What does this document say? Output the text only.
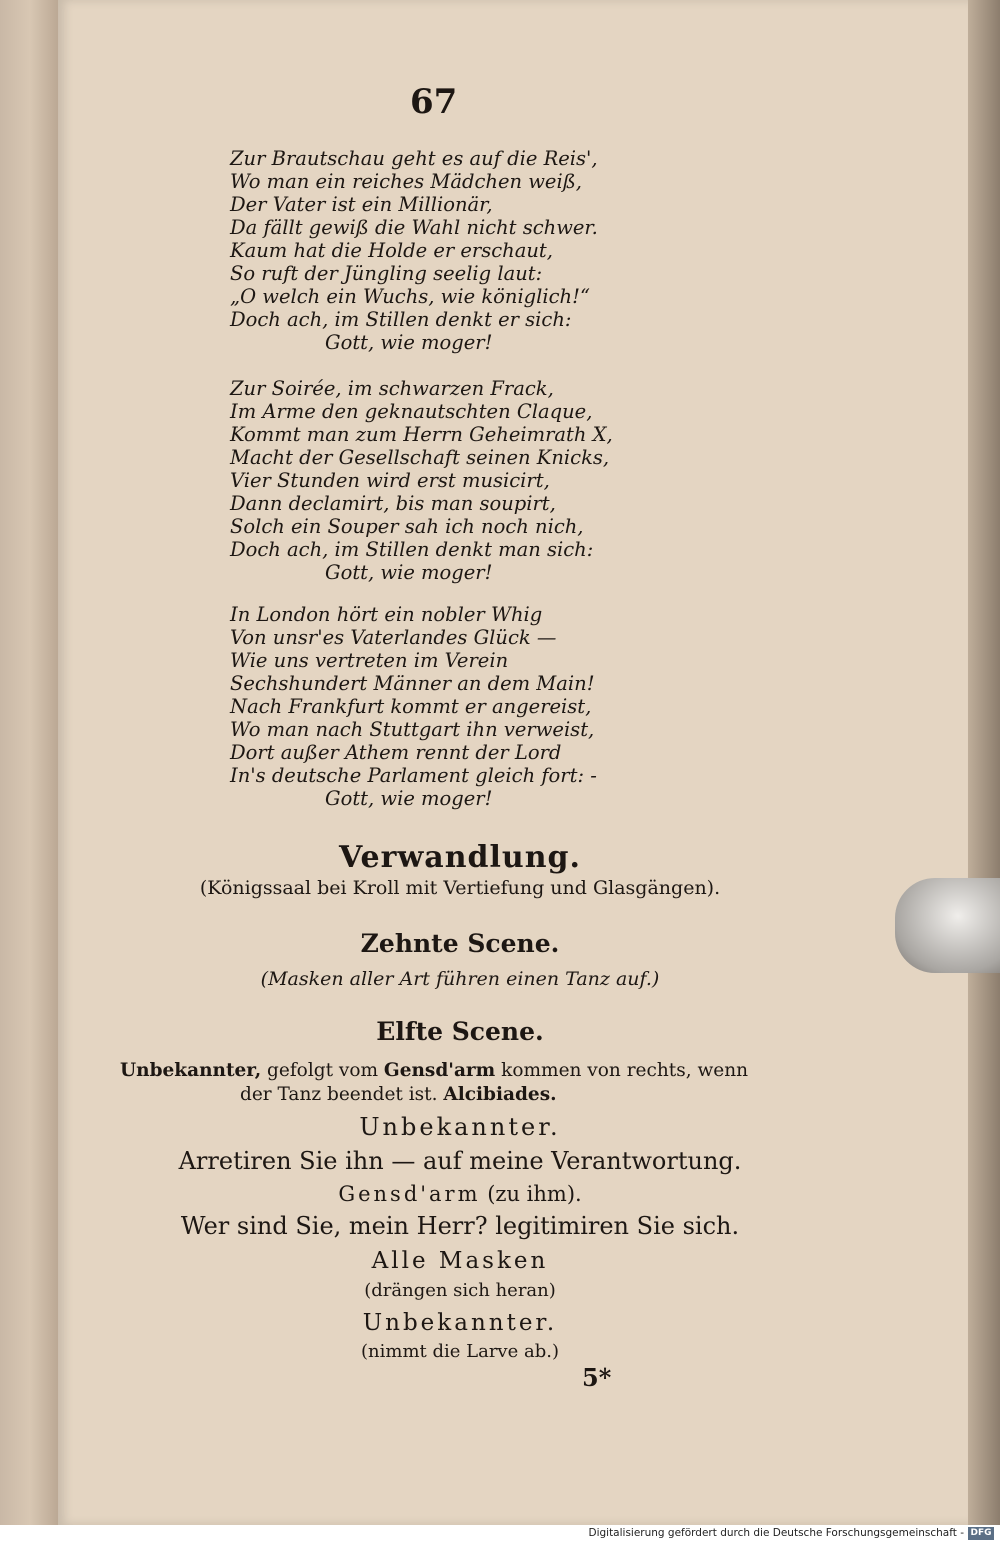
67
Zur Brautschau geht es auf die Reis',
Wo man ein reiches Mädchen weiß,
Der Vater ist ein Millionär,
Da fällt gewiß die Wahl nicht schwer.
Kaum hat die Holde er erschaut,
So ruft der Jüngling seelig laut:
„O welch ein Wuchs, wie königlich!“
Doch ach, im Stillen denkt er sich:
Gott, wie moger!
Zur Soirée, im schwarzen Frack,
Im Arme den geknautschten Claque,
Kommt man zum Herrn Geheimrath X,
Macht der Gesellschaft seinen Knicks,
Vier Stunden wird erst musicirt,
Dann declamirt, bis man soupirt,
Solch ein Souper sah ich noch nich,
Doch ach, im Stillen denkt man sich:
Gott, wie moger!
In London hört ein nobler Whig
Von unsr'es Vaterlandes Glück —
Wie uns vertreten im Verein
Sechshundert Männer an dem Main!
Nach Frankfurt kommt er angereist,
Wo man nach Stuttgart ihn verweist,
Dort außer Athem rennt der Lord
In's deutsche Parlament gleich fort: -
Gott, wie moger!
Verwandlung.
(Königssaal bei Kroll mit Vertiefung und Glasgängen).
Zehnte Scene.
(Masken aller Art führen einen Tanz auf.)
Elfte Scene.
Unbekannter, gefolgt vom Gensd'arm kommen von rechts, wenn
der Tanz beendet ist. Alcibiades.
Unbekannter.
Arretiren Sie ihn — auf meine Verantwortung.
Gensd'arm (zu ihm).
Wer sind Sie, mein Herr? legitimiren Sie sich.
Alle Masken
(drängen sich heran)
Unbekannter.
(nimmt die Larve ab.)
5*
Digitalisierung gefördert durch die Deutsche Forschungsgemeinschaft - DFG
